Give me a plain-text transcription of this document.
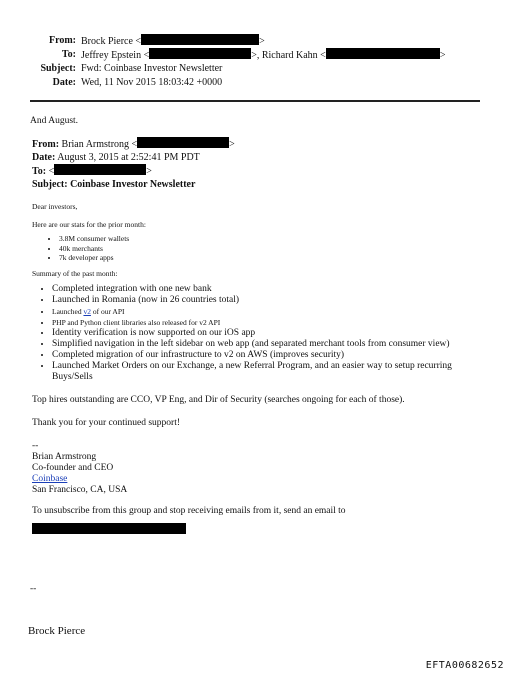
From: Brock Pierce <	>
To: Jeffrey Epstein <	>, Richard Kahn <	>
Subject: Fwd: Coinbase Investor Newsletter
Date: Wed, 11 Nov 2015 18:03:42 +0000
And August.
From: Brian Armstrong <	>
Date: August 3, 2015 at 2:52:41 PM PDT
To: <	>
Subject: Coinbase Investor Newsletter
Dear investors,
Here are our stats for the prior month:
• 3.8M consumer wallets
• 40k merchants
• 7k developer apps
Summary of the past month:
• Completed integration with one new bank
• Launched in Romania (now in 26 countries total)
• Launched v2 of our API
• PHP and Python client libraries also released for v2 API
• Identity verification is now supported on our iOS app
• Simplified navigation in the left sidebar on web app (and separated merchant tools from consumer view)
• Completed migration of our infrastructure to v2 on AWS (improves security)
• Launched Market Orders on our Exchange, a new Referral Program, and an easier way to setup recurring Buys/Sells
Top hires outstanding are CCO, VP Eng, and Dir of Security (searches ongoing for each of those).
Thank you for your continued support!
--
Brian Armstrong
Co-founder and CEO
Coinbase
San Francisco, CA, USA
To unsubscribe from this group and stop receiving emails from it, send an email to
--
Brock Pierce
EFTA00682652
